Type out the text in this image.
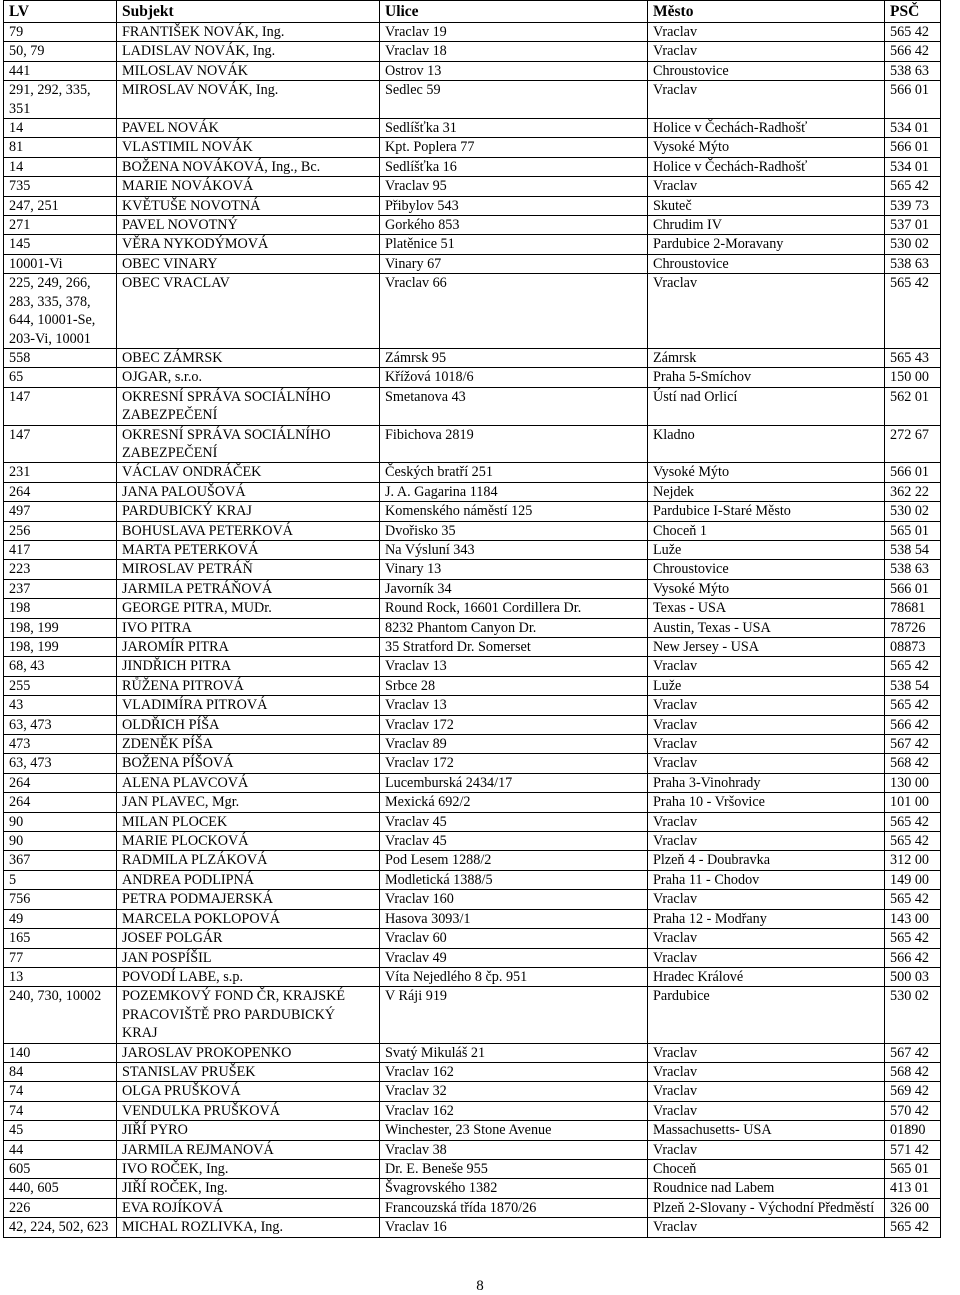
LV	Subjekt	Ulice	Město	PSČ
79	FRANTIŠEK NOVÁK, Ing.	Vraclav 19	Vraclav	565 42
50, 79	LADISLAV NOVÁK, Ing.	Vraclav 18	Vraclav	566 42
441	MILOSLAV NOVÁK	Ostrov 13	Chroustovice	538 63
291, 292, 335, 351	MIROSLAV NOVÁK, Ing.	Sedlec 59	Vraclav	566 01
14	PAVEL NOVÁK	Sedlíšťka 31	Holice v Čechách-Radhošť	534 01
81	VLASTIMIL NOVÁK	Kpt. Poplera 77	Vysoké Mýto	566 01
14	BOŽENA NOVÁKOVÁ, Ing., Bc.	Sedlíšťka 16	Holice v Čechách-Radhošť	534 01
735	MARIE NOVÁKOVÁ	Vraclav 95	Vraclav	565 42
247, 251	KVĚTUŠE NOVOTNÁ	Přibylov 543	Skuteč	539 73
271	PAVEL NOVOTNÝ	Gorkého 853	Chrudim IV	537 01
145	VĚRA NYKODÝMOVÁ	Platěnice 51	Pardubice 2-Moravany	530 02
10001-Vi	OBEC VINARY	Vinary 67	Chroustovice	538 63
225, 249, 266, 283, 335, 378, 644, 10001-Se, 203-Vi, 10001	OBEC VRACLAV	Vraclav 66	Vraclav	565 42
558	OBEC ZÁMRSK	Zámrsk 95	Zámrsk	565 43
65	OJGAR, s.r.o.	Křížová 1018/6	Praha 5-Smíchov	150 00
147	OKRESNÍ SPRÁVA SOCIÁLNÍHO ZABEZPEČENÍ	Smetanova 43	Ústí nad Orlicí	562 01
147	OKRESNÍ SPRÁVA SOCIÁLNÍHO ZABEZPEČENÍ	Fibichova 2819	Kladno	272 67
231	VÁCLAV ONDRÁČEK	Českých bratří 251	Vysoké Mýto	566 01
264	JANA PALOUŠOVÁ	J. A. Gagarina 1184	Nejdek	362 22
497	PARDUBICKÝ KRAJ	Komenského náměstí 125	Pardubice I-Staré Město	530 02
256	BOHUSLAVA PETERKOVÁ	Dvořisko 35	Choceň 1	565 01
417	MARTA PETERKOVÁ	Na Výsluní 343	Luže	538 54
223	MIROSLAV PETRÁŇ	Vinary 13	Chroustovice	538 63
237	JARMILA PETRÁŇOVÁ	Javorník 34	Vysoké Mýto	566 01
198	GEORGE PITRA, MUDr.	Round Rock, 16601 Cordillera Dr.	Texas - USA	78681
198, 199	IVO PITRA	8232 Phantom Canyon Dr.	Austin, Texas - USA	78726
198, 199	JAROMÍR PITRA	35 Stratford Dr. Somerset	New Jersey - USA	08873
68, 43	JINDŘICH PITRA	Vraclav 13	Vraclav	565 42
255	RŮŽENA PITROVÁ	Srbce 28	Luže	538 54
43	VLADIMÍRA PITROVÁ	Vraclav 13	Vraclav	565 42
63, 473	OLDŘICH PÍŠA	Vraclav 172	Vraclav	566 42
473	ZDENĚK PÍŠA	Vraclav 89	Vraclav	567 42
63, 473	BOŽENA PÍŠOVÁ	Vraclav 172	Vraclav	568 42
264	ALENA PLAVCOVÁ	Lucemburská 2434/17	Praha 3-Vinohrady	130 00
264	JAN PLAVEC, Mgr.	Mexická 692/2	Praha 10 - Vršovice	101 00
90	MILAN PLOCEK	Vraclav 45	Vraclav	565 42
90	MARIE PLOCKOVÁ	Vraclav 45	Vraclav	565 42
367	RADMILA PLZÁKOVÁ	Pod Lesem 1288/2	Plzeň 4 - Doubravka	312 00
5	ANDREA PODLIPNÁ	Modletická 1388/5	Praha 11 - Chodov	149 00
756	PETRA PODMAJERSKÁ	Vraclav 160	Vraclav	565 42
49	MARCELA POKLOPOVÁ	Hasova 3093/1	Praha 12 - Modřany	143 00
165	JOSEF POLGÁR	Vraclav 60	Vraclav	565 42
77	JAN POSPÍŠIL	Vraclav 49	Vraclav	566 42
13	POVODÍ LABE, s.p.	Víta Nejedlého 8 čp. 951	Hradec Králové	500 03
240, 730, 10002	POZEMKOVÝ FOND ČR, KRAJSKÉ PRACOVIŠTĚ PRO PARDUBICKÝ KRAJ	V Ráji 919	Pardubice	530 02
140	JAROSLAV PROKOPENKO	Svatý Mikuláš 21	Vraclav	567 42
84	STANISLAV PRUŠEK	Vraclav 162	Vraclav	568 42
74	OLGA PRUŠKOVÁ	Vraclav 32	Vraclav	569 42
74	VENDULKA PRUŠKOVÁ	Vraclav 162	Vraclav	570 42
45	JIŘÍ PYRO	Winchester, 23 Stone Avenue	Massachusetts- USA	01890
44	JARMILA REJMANOVÁ	Vraclav 38	Vraclav	571 42
605	IVO ROČEK, Ing.	Dr. E. Beneše 955	Choceň	565 01
440, 605	JIŘÍ ROČEK, Ing.	Švagrovského 1382	Roudnice nad Labem	413 01
226	EVA ROJÍKOVÁ	Francouzská třída 1870/26	Plzeň 2-Slovany - Východní Předměstí	326 00
42, 224, 502, 623	MICHAL ROZLIVKA, Ing.	Vraclav 16	Vraclav	565 42
8
